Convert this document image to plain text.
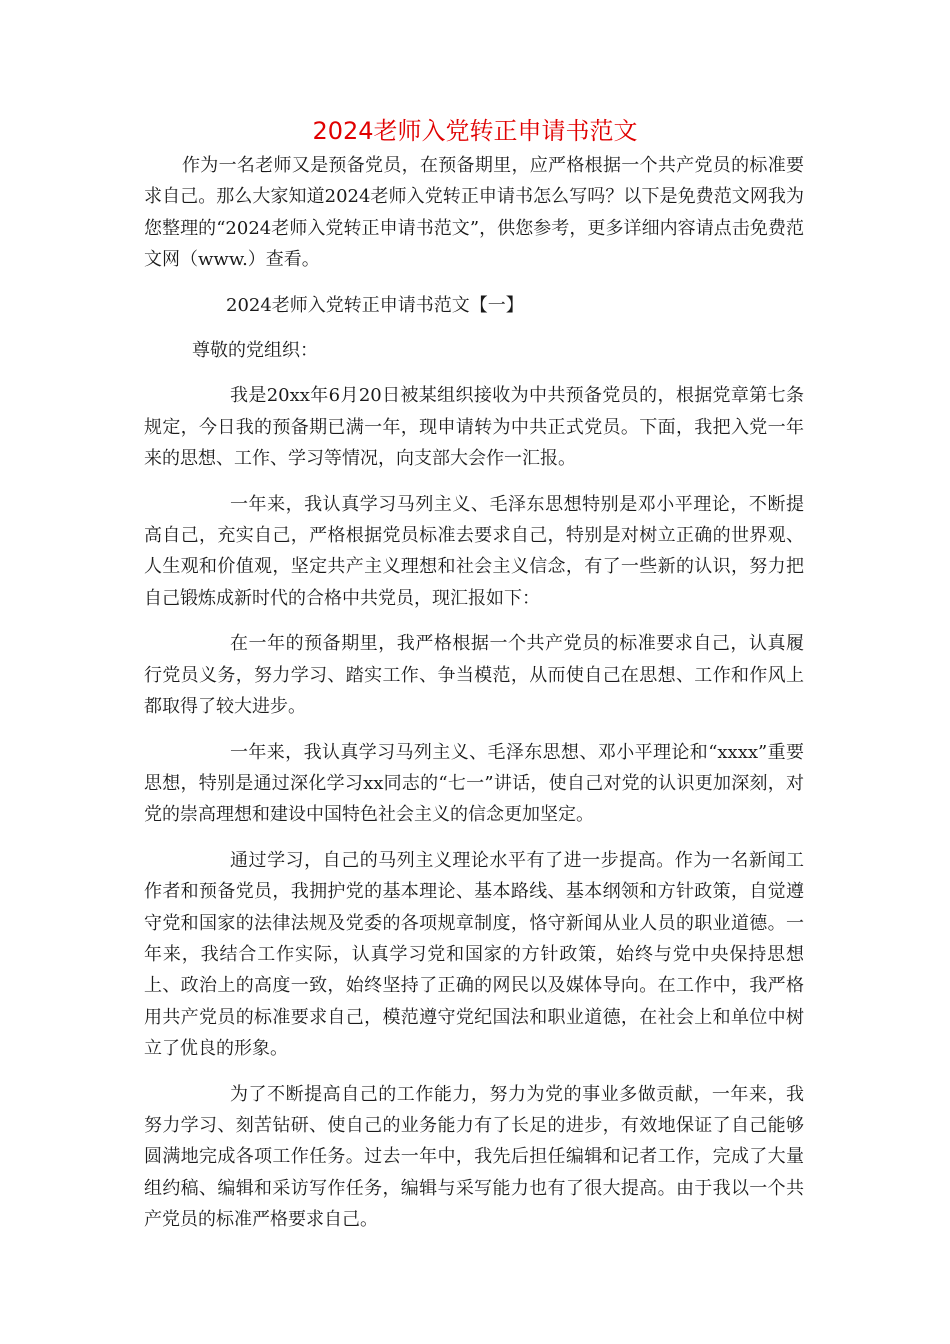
2024老师入党转正申请书范文

作为一名老师又是预备党员，在预备期里，应严格根据一个共产党员的标准要求自己。那么大家知道2024老师入党转正申请书怎么写吗？以下是免费范文网我为您整理的“2024老师入党转正申请书范文”，供您参考，更多详细内容请点击免费范文网（www.）查看。

2024老师入党转正申请书范文【一】

尊敬的党组织：

我是20xx年6月20日被某组织接收为中共预备党员的，根据党章第七条规定，今日我的预备期已满一年，现申请转为中共正式党员。下面，我把入党一年来的思想、工作、学习等情况，向支部大会作一汇报。

一年来，我认真学习马列主义、毛泽东思想特别是邓小平理论，不断提高自己，充实自己，严格根据党员标准去要求自己，特别是对树立正确的世界观、人生观和价值观，坚定共产主义理想和社会主义信念，有了一些新的认识，努力把自己锻炼成新时代的合格中共党员，现汇报如下：

在一年的预备期里，我严格根据一个共产党员的标准要求自己，认真履行党员义务，努力学习、踏实工作、争当模范，从而使自己在思想、工作和作风上都取得了较大进步。

一年来，我认真学习马列主义、毛泽东思想、邓小平理论和“xxxx”重要思想，特别是通过深化学习xx同志的“七一”讲话，使自己对党的认识更加深刻，对党的崇高理想和建设中国特色社会主义的信念更加坚定。

通过学习，自己的马列主义理论水平有了进一步提高。作为一名新闻工作者和预备党员，我拥护党的基本理论、基本路线、基本纲领和方针政策，自觉遵守党和国家的法律法规及党委的各项规章制度，恪守新闻从业人员的职业道德。一年来，我结合工作实际，认真学习党和国家的方针政策，始终与党中央保持思想上、政治上的高度一致，始终坚持了正确的网民以及媒体导向。在工作中，我严格用共产党员的标准要求自己，模范遵守党纪国法和职业道德，在社会上和单位中树立了优良的形象。

为了不断提高自己的工作能力，努力为党的事业多做贡献，一年来，我努力学习、刻苦钻研、使自己的业务能力有了长足的进步，有效地保证了自己能够圆满地完成各项工作任务。过去一年中，我先后担任编辑和记者工作，完成了大量组约稿、编辑和采访写作任务，编辑与采写能力也有了很大提高。由于我以一个共产党员的标准严格要求自己。
